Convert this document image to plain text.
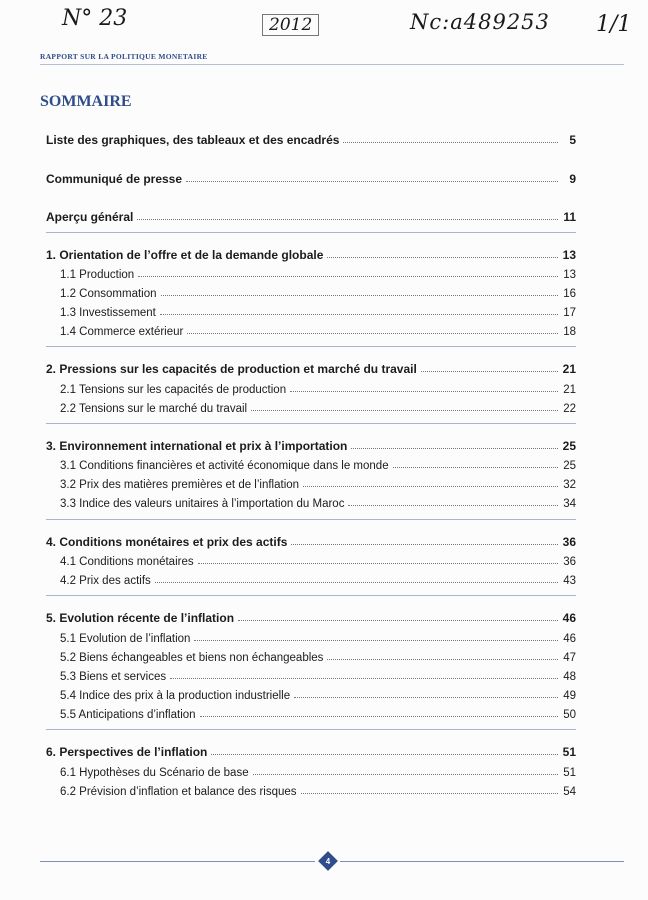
N° 23	2012	Nc:a489253 1/1
RAPPORT SUR LA POLITIQUE MONETAIRE
SOMMAIRE
Liste des graphiques, des tableaux et des encadrés	5
Communiqué de presse	9
Aperçu général	11
1. Orientation de l’offre et de la demande globale	13
1.1 Production	13
1.2 Consommation	16
1.3 Investissement	17
1.4 Commerce extérieur	18
2. Pressions sur les capacités de production et marché du travail	21
2.1 Tensions sur les capacités de production	21
2.2 Tensions sur le marché du travail	22
3. Environnement international et prix à l’importation	25
3.1 Conditions financières et activité économique dans le monde	25
3.2 Prix des matières premières et de l’inflation	32
3.3 Indice des valeurs unitaires à l’importation du Maroc	34
4. Conditions monétaires et prix des actifs	36
4.1 Conditions monétaires	36
4.2 Prix des actifs	43
5. Evolution récente de l’inflation	46
5.1 Evolution de l’inflation	46
5.2 Biens échangeables et biens non échangeables	47
5.3 Biens et services	48
5.4 Indice des prix à la production industrielle	49
5.5 Anticipations d’inflation	50
6. Perspectives de l’inflation	51
6.1 Hypothèses du Scénario de base	51
6.2 Prévision d’inflation et balance des risques	54
4
